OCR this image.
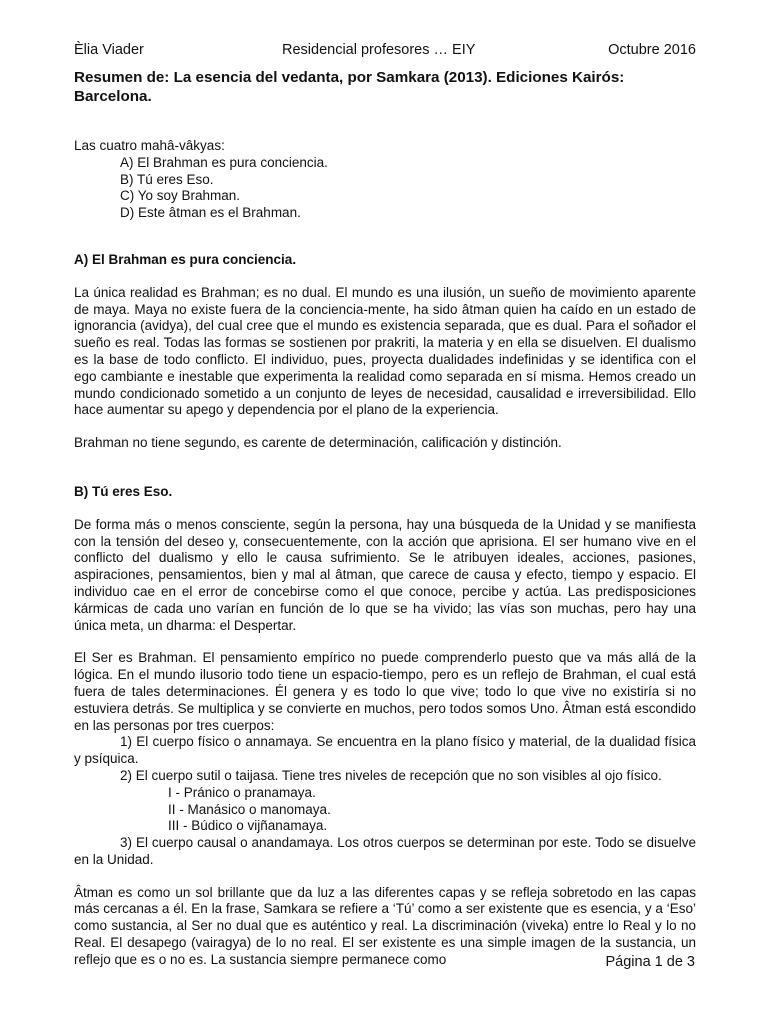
Èlia Viader	Residencial profesores … EIY	Octubre 2016
Resumen de: La esencia del vedanta, por Samkara (2013). Ediciones Kairós: Barcelona.

Las cuatro mahâ-vâkyas:

A) El Brahman es pura conciencia.

B) Tú eres Eso.

C) Yo soy Brahman.

D) Este âtman es el Brahman.

A) El Brahman es pura conciencia.

La única realidad es Brahman; es no dual. El mundo es una ilusión, un sueño de movimiento aparente de maya. Maya no existe fuera de la conciencia-mente, ha sido âtman quien ha caído en un estado de ignorancia (avidya), del cual cree que el mundo es existencia separada, que es dual. Para el soñador el sueño es real. Todas las formas se sostienen por prakriti, la materia y en ella se disuelven. El dualismo es la base de todo conflicto. El individuo, pues, proyecta dualidades indefinidas y se identifica con el ego cambiante e inestable que experimenta la realidad como separada en sí misma. Hemos creado un mundo condicionado sometido a un conjunto de leyes de necesidad, causalidad e irreversibilidad. Ello hace aumentar su apego y dependencia por el plano de la experiencia.

Brahman no tiene segundo, es carente de determinación, calificación y distinción.

B) Tú eres Eso.

De forma más o menos consciente, según la persona, hay una búsqueda de la Unidad y se manifiesta con la tensión del deseo y, consecuentemente, con la acción que aprisiona. El ser humano vive en el conflicto del dualismo y ello le causa sufrimiento. Se le atribuyen ideales, acciones, pasiones, aspiraciones, pensamientos, bien y mal al âtman, que carece de causa y efecto, tiempo y espacio. El individuo cae en el error de concebirse como el que conoce, percibe y actúa. Las predisposiciones kármicas de cada uno varían en función de lo que se ha vivido; las vías son muchas, pero hay una única meta, un dharma: el Despertar.

El Ser es Brahman. El pensamiento empírico no puede comprenderlo puesto que va más allá de la lógica. En el mundo ilusorio todo tiene un espacio-tiempo, pero es un reflejo de Brahman, el cual está fuera de tales determinaciones. Él genera y es todo lo que vive; todo lo que vive no existiría si no estuviera detrás. Se multiplica y se convierte en muchos, pero todos somos Uno. Âtman está escondido en las personas por tres cuerpos:

1) El cuerpo físico o annamaya. Se encuentra en la plano físico y material, de la dualidad física y psíquica.

2) El cuerpo sutil o taijasa. Tiene tres niveles de recepción que no son visibles al ojo físico.

I - Pránico o pranamaya.

II - Manásico o manomaya.

III - Búdico o vijñanamaya.

3) El cuerpo causal o anandamaya. Los otros cuerpos se determinan por este. Todo se disuelve en la Unidad.

Âtman es como un sol brillante que da luz a las diferentes capas y se refleja sobretodo en las capas más cercanas a él. En la frase, Samkara se refiere a ‘Tú’ como a ser existente que es esencia, y a ‘Eso’ como sustancia, al Ser no dual que es auténtico y real. La discriminación (viveka) entre lo Real y lo no Real. El desapego (vairagya) de lo no real. El ser existente es una simple imagen de la sustancia, un reflejo que es o no es. La sustancia siempre permanece como	Página 1 de 3
